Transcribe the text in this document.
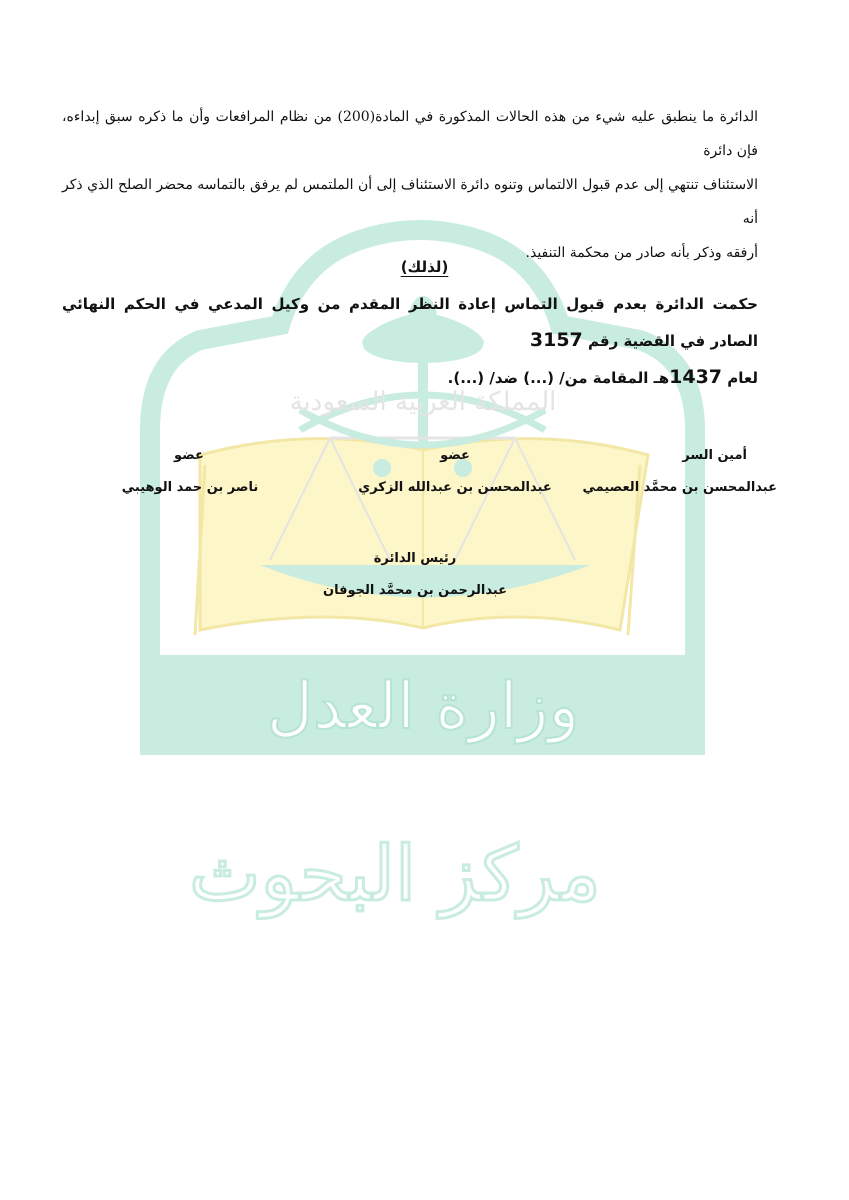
المملكة العربية السعودية
وزارة العدل
مركز البحوث
الدائرة ما ينطبق عليه شيء من هذه الحالات المذكورة في المادة(200) من نظام المرافعات وأن ما ذكره سبق إبداءه، فإن دائرة
الاستئناف تنتهي إلى عدم قبول الالتماس وتنوه دائرة الاستئناف إلى أن الملتمس لم يرفق بالتماسه محضر الصلح الذي ذكر أنه
أرفقه وذكر بأنه صادر من محكمة التنفيذ.
(لذلك)
حكمت الدائرة بعدم قبول التماس إعادة النظر المقدم من وكيل المدعي في الحكم النهائي الصادر في القضية رقم 3157
لعام 1437هـ المقامة من/ (...) ضد/ (...).
أمين السر
عبدالمحسن بن محمَّد العصيمي
عضو
عبدالمحسن بن عبدالله الزكري
عضو
ناصر بن حمد الوهيبي
رئيس الدائرة
عبدالرحمن بن محمَّد الجوفان
